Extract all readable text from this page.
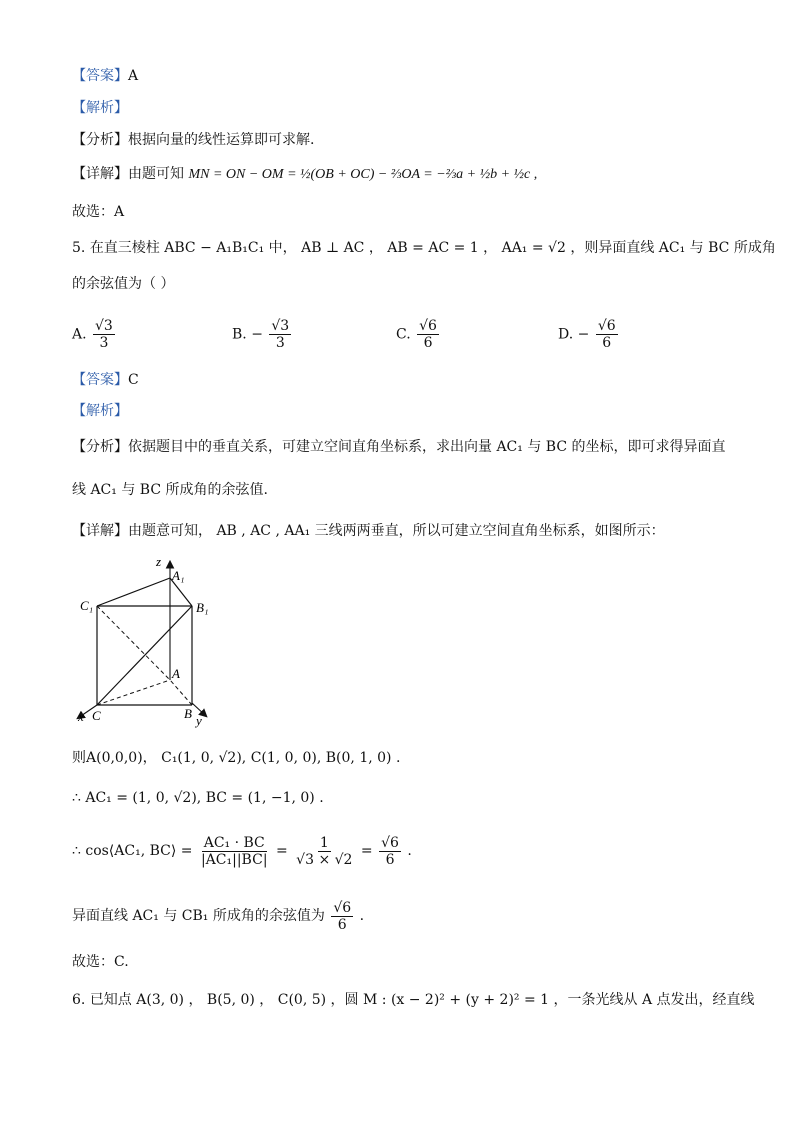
【答案】A
【解析】
【分析】根据向量的线性运算即可求解.
【详解】由题可知 MN = ON − OM = ½(OB + OC) − ⅔OA = −⅔a + ½b + ½c ,
故选：A
5. 在直三棱柱 ABC − A₁B₁C₁ 中， AB ⊥ AC ， AB = AC = 1 ， AA₁ = √2 ，则异面直线 AC₁ 与 BC 所成角
的余弦值为（ ）
A. $\frac{√3}{3}$	B. − $\frac{√3}{3}$	C. $\frac{√6}{6}$	D. − $\frac{√6}{6}$
【答案】C
【解析】
【分析】依据题目中的垂直关系，可建立空间直角坐标系，求出向量 AC₁ 与 BC 的坐标，即可求得异面直
线 AC₁ 与 BC 所成角的余弦值.
【详解】由题意可知， AB , AC , AA₁ 三线两两垂直，所以可建立空间直角坐标系，如图所示：
z
A₁
C₁	B₁
A
x C	B y
则A(0,0,0)， C₁(1, 0, √2), C(1, 0, 0), B(0, 1, 0) .
∴ AC₁ = (1, 0, √2), BC = (1, −1, 0) .
∴ cos⟨AC₁, BC⟩ = $\frac{\text{AC₁ · BC}}{\text{|AC₁||BC|}} = \frac{1}{√3 \times √2} = \frac{√6}{6}$ .
异面直线 AC₁ 与 CB₁ 所成角的余弦值为 $\frac{√6}{6}$ .
故选：C.
6. 已知点 A(3, 0) ， B(5, 0) ， C(0, 5) ，圆 M : (x − 2)² + (y + 2)² = 1 ，一条光线从 A 点发出，经直线
